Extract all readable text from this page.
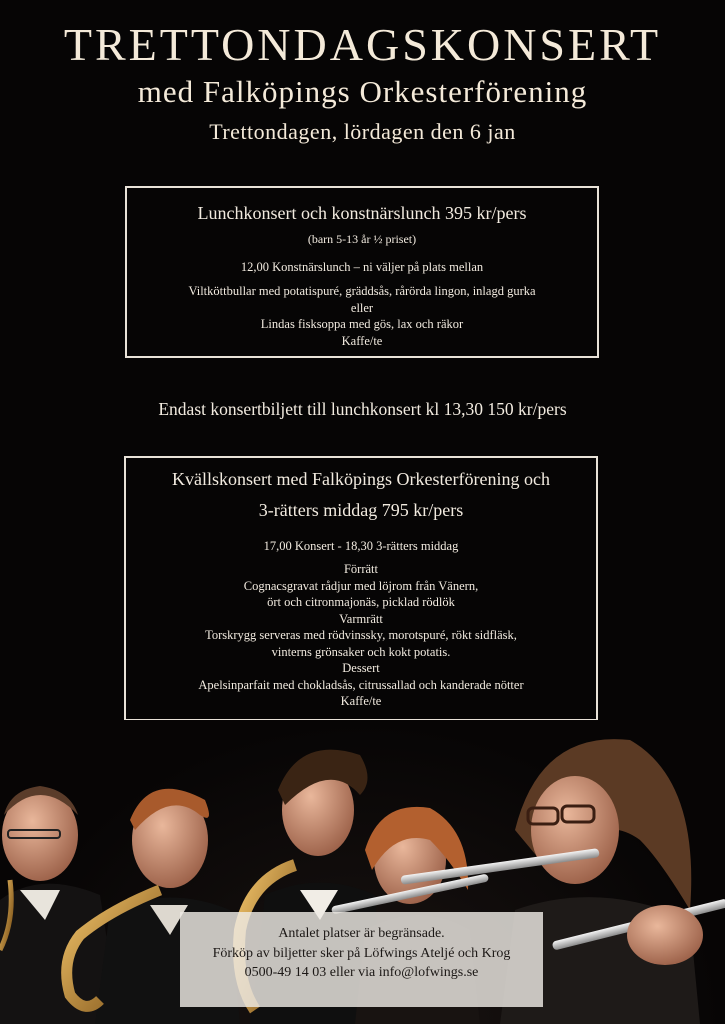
TRETTONDAGSKONSERT
med Falköpings Orkesterförening
Trettondagen, lördagen den 6 jan
Lunchkonsert och konstnärslunch 395 kr/pers
(barn 5-13 år ½ priset)
12,00 Konstnärslunch – ni väljer på plats mellan
Viltköttbullar med potatispuré, gräddsås, rårörda lingon, inlagd gurka
eller
Lindas fisksoppa med gös, lax och räkor
Kaffe/te
Endast konsertbiljett till lunchkonsert kl 13,30 150 kr/pers
Kvällskonsert med Falköpings Orkesterförening och
3-rätters middag 795 kr/pers
17,00 Konsert - 18,30 3-rätters middag
Förrätt
Cognacsgravat rådjur med löjrom från Vänern,
ört och citronmajonäs, picklad rödlök
Varmrätt
Torskrygg serveras med rödvinssky, morotspuré, rökt sidfläsk,
vinterns grönsaker och kokt potatis.
Dessert
Apelsinparfait med chokladsås, citrussallad och kanderade nötter
Kaffe/te
Antalet platser är begränsade.
Förköp av biljetter sker på Löfwings Ateljé och Krog
0500-49 14 03 eller via info@lofwings.se
